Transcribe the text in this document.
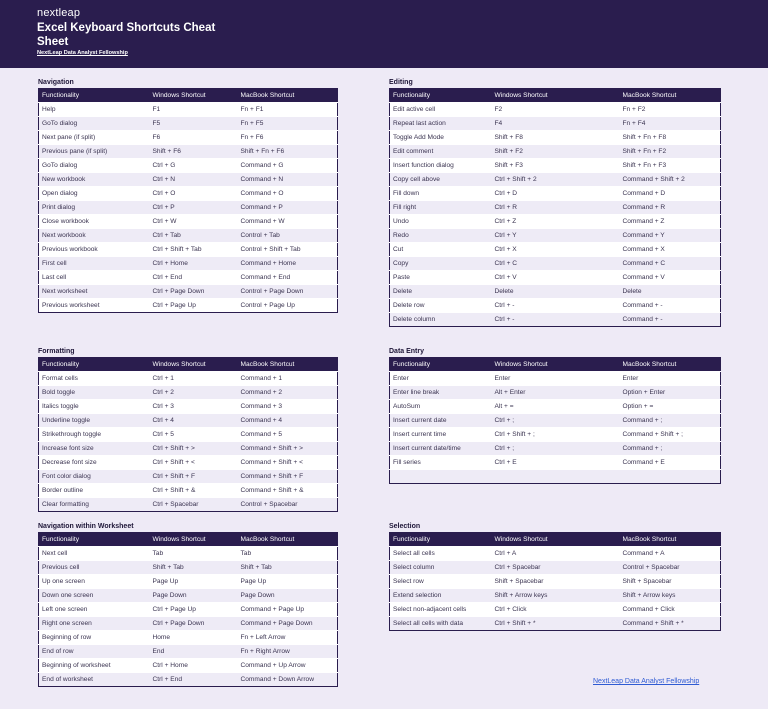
nextleap
Excel Keyboard Shortcuts Cheat Sheet
NextLeap Data Analyst Fellowship
Navigation
Functionality	Windows Shortcut	MacBook Shortcut
Help	F1	Fn + F1
GoTo dialog	F5	Fn + F5
Next pane (if split)	F6	Fn + F6
Previous pane (if split)	Shift + F6	Shift + Fn + F6
GoTo dialog	Ctrl + G	Command + G
New workbook	Ctrl + N	Command + N
Open dialog	Ctrl + O	Command + O
Print dialog	Ctrl + P	Command + P
Close workbook	Ctrl + W	Command + W
Next workbook	Ctrl + Tab	Control + Tab
Previous workbook	Ctrl + Shift + Tab	Control + Shift + Tab
First cell	Ctrl + Home	Command + Home
Last cell	Ctrl + End	Command + End
Next worksheet	Ctrl + Page Down	Control + Page Down
Previous worksheet	Ctrl + Page Up	Control + Page Up
Editing
Functionality	Windows Shortcut	MacBook Shortcut
Edit active cell	F2	Fn + F2
Repeat last action	F4	Fn + F4
Toggle Add Mode	Shift + F8	Shift + Fn + F8
Edit comment	Shift + F2	Shift + Fn + F2
Insert function dialog	Shift + F3	Shift + Fn + F3
Copy cell above	Ctrl + Shift + 2	Command + Shift + 2
Fill down	Ctrl + D	Command + D
Fill right	Ctrl + R	Command + R
Undo	Ctrl + Z	Command + Z
Redo	Ctrl + Y	Command + Y
Cut	Ctrl + X	Command + X
Copy	Ctrl + C	Command + C
Paste	Ctrl + V	Command + V
Delete	Delete	Delete
Delete row	Ctrl + -	Command + -
Delete column	Ctrl + -	Command + -
Formatting
Functionality	Windows Shortcut	MacBook Shortcut
Format cells	Ctrl + 1	Command + 1
Bold toggle	Ctrl + 2	Command + 2
Italics toggle	Ctrl + 3	Command + 3
Underline toggle	Ctrl + 4	Command + 4
Strikethrough toggle	Ctrl + 5	Command + 5
Increase font size	Ctrl + Shift + >	Command + Shift + >
Decrease font size	Ctrl + Shift + <	Command + Shift + <
Font color dialog	Ctrl + Shift + F	Command + Shift + F
Border outline	Ctrl + Shift + &	Command + Shift + &
Clear formatting	Ctrl + Spacebar	Control + Spacebar
Data Entry
Functionality	Windows Shortcut	MacBook Shortcut
Enter	Enter	Enter
Enter line break	Alt + Enter	Option + Enter
AutoSum	Alt + =	Option + =
Insert current date	Ctrl + ;	Command + ;
Insert current time	Ctrl + Shift + ;	Command + Shift + ;
Insert current date/time	Ctrl + ;	Command + ;
Fill series	Ctrl + E	Command + E

Navigation within Worksheet
Functionality	Windows Shortcut	MacBook Shortcut
Next cell	Tab	Tab
Previous cell	Shift + Tab	Shift + Tab
Up one screen	Page Up	Page Up
Down one screen	Page Down	Page Down
Left one screen	Ctrl + Page Up	Command + Page Up
Right one screen	Ctrl + Page Down	Command + Page Down
Beginning of row	Home	Fn + Left Arrow
End of row	End	Fn + Right Arrow
Beginning of worksheet	Ctrl + Home	Command + Up Arrow
End of worksheet	Ctrl + End	Command + Down Arrow
Selection
Functionality	Windows Shortcut	MacBook Shortcut
Select all cells	Ctrl + A	Command + A
Select column	Ctrl + Spacebar	Control + Spacebar
Select row	Shift + Spacebar	Shift + Spacebar
Extend selection	Shift + Arrow keys	Shift + Arrow keys
Select non-adjacent cells	Ctrl + Click	Command + Click
Select all cells with data	Ctrl + Shift + *	Command + Shift + *
NextLeap Data Analyst Fellowship
